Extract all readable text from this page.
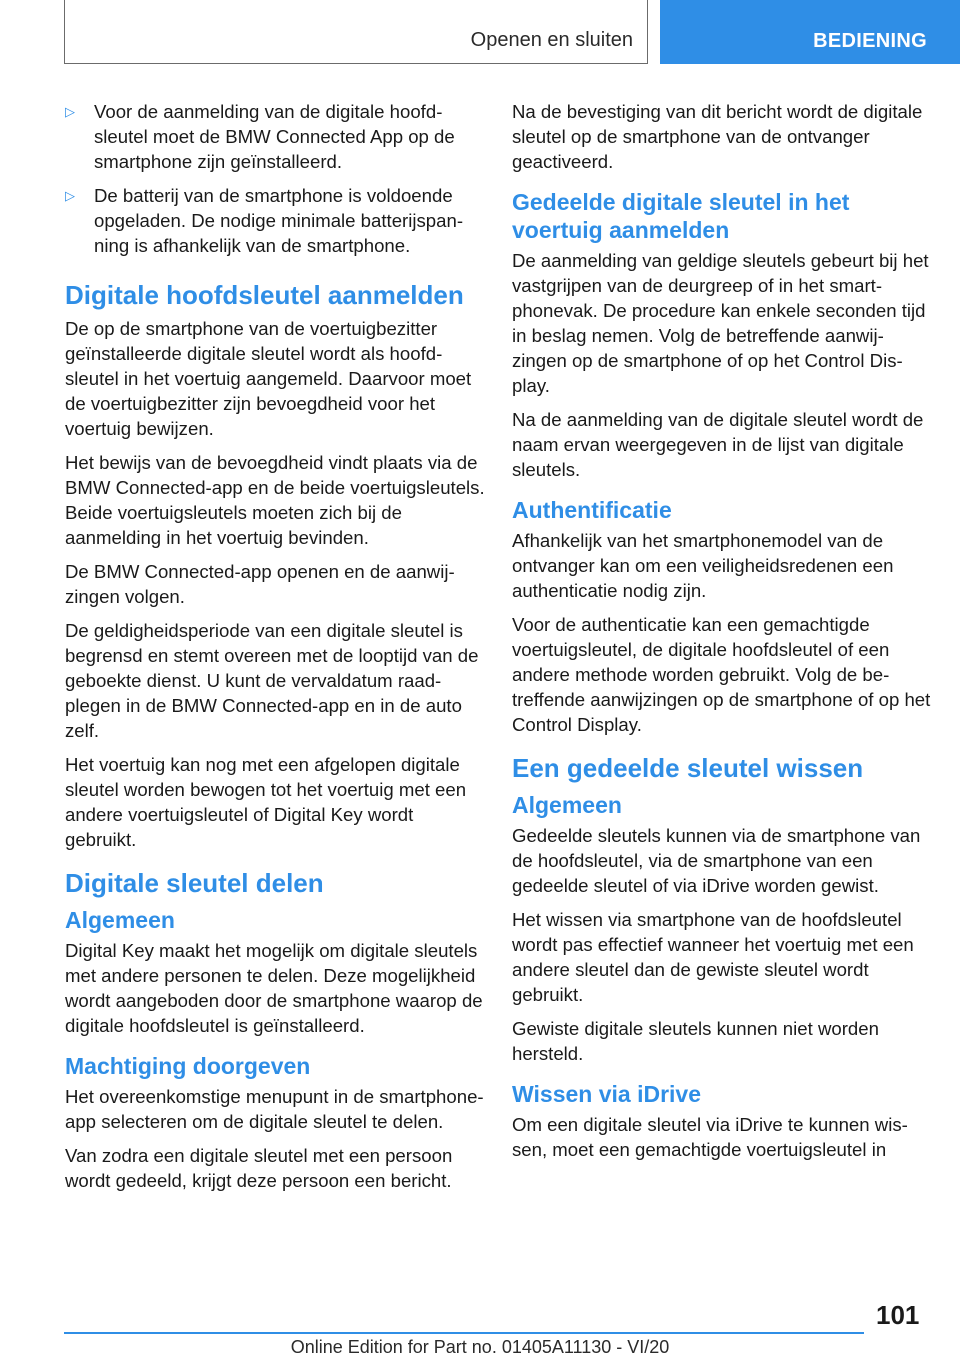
Openen en sluiten	BEDIENING
▷ Voor de aanmelding van de digitale hoofdsleutel moet de BMW Connected App op de smartphone zijn geïnstalleerd.
▷ De batterij van de smartphone is voldoende opgeladen. De nodige minimale batterijspanning is afhankelijk van de smartphone.
Digitale hoofdsleutel aanmelden

De op de smartphone van de voertuigbezitter geïnstalleerde digitale sleutel wordt als hoofdsleutel in het voertuig aangemeld. Daarvoor moet de voertuigbezitter zijn bevoegdheid voor het voertuig bewijzen.

Het bewijs van de bevoegdheid vindt plaats via de BMW Connected-app en de beide voertuigsleutels. Beide voertuigsleutels moeten zich bij de aanmelding in het voertuig bevinden.

De BMW Connected-app openen en de aanwijzingen volgen.

De geldigheidsperiode van een digitale sleutel is begrensd en stemt overeen met de looptijd van de geboekte dienst. U kunt de vervaldatum raadplegen in de BMW Connected-app en in de auto zelf.

Het voertuig kan nog met een afgelopen digitale sleutel worden bewogen tot het voertuig met een andere voertuigsleutel of Digital Key wordt gebruikt.

Digitale sleutel delen
Algemeen

Digital Key maakt het mogelijk om digitale sleutels met andere personen te delen. Deze mogelijkheid wordt aangeboden door de smartphone waarop de digitale hoofdsleutel is geïnstalleerd.

Machtiging doorgeven

Het overeenkomstige menupunt in de smartphone-app selecteren om de digitale sleutel te delen.

Van zodra een digitale sleutel met een persoon wordt gedeeld, krijgt deze persoon een bericht.

Na de bevestiging van dit bericht wordt de digitale sleutel op de smartphone van de ontvanger geactiveerd.

Gedeelde digitale sleutel in het voertuig aanmelden

De aanmelding van geldige sleutels gebeurt bij het vastgrijpen van de deurgreep of in het smartphonevak. De procedure kan enkele seconden tijd in beslag nemen. Volg de betreffende aanwijzingen op de smartphone of op het Control Display.

Na de aanmelding van de digitale sleutel wordt de naam ervan weergegeven in de lijst van digitale sleutels.

Authentificatie

Afhankelijk van het smartphonemodel van de ontvanger kan om een veiligheidsredenen een authenticatie nodig zijn.

Voor de authenticatie kan een gemachtigde voertuigsleutel, de digitale hoofdsleutel of een andere methode worden gebruikt. Volg de betreffende aanwijzingen op de smartphone of op het Control Display.

Een gedeelde sleutel wissen
Algemeen

Gedeelde sleutels kunnen via de smartphone van de hoofdsleutel, via de smartphone van een gedeelde sleutel of via iDrive worden gewist.

Het wissen via smartphone van de hoofdsleutel wordt pas effectief wanneer het voertuig met een andere sleutel dan de gewiste sleutel wordt gebruikt.

Gewiste digitale sleutels kunnen niet worden hersteld.

Wissen via iDrive

Om een digitale sleutel via iDrive te kunnen wissen, moet een gemachtigde voertuigsleutel in

101
Online Edition for Part no. 01405A11130 - VI/20
